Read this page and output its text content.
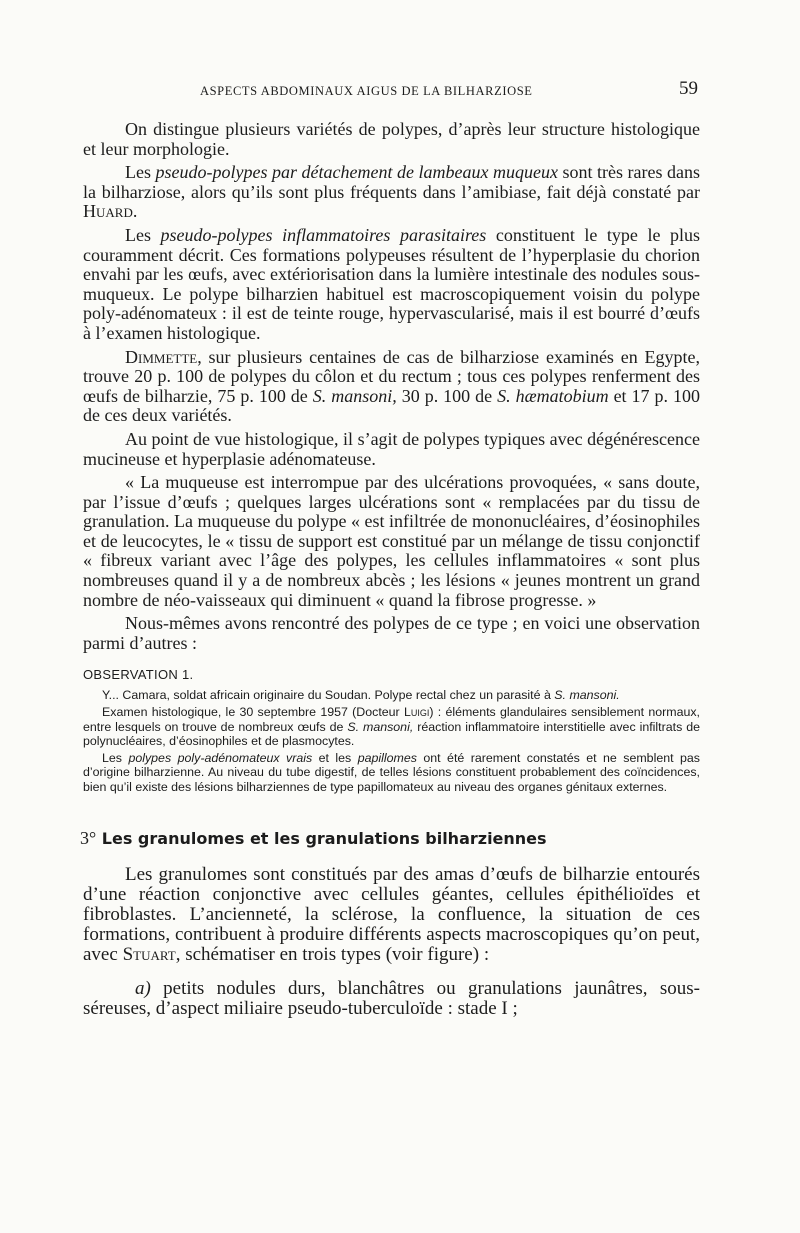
ASPECTS ABDOMINAUX AIGUS DE LA BILHARZIOSE	59

On distingue plusieurs variétés de polypes, d’après leur structure histologique et leur morphologie.

Les pseudo-polypes par détachement de lambeaux muqueux sont très rares dans la bilharziose, alors qu’ils sont plus fréquents dans l’amibiase, fait déjà constaté par Huard.

Les pseudo-polypes inflammatoires parasitaires constituent le type le plus couramment décrit. Ces formations polypeuses résultent de l’hyperplasie du chorion envahi par les œufs, avec extériorisation dans la lumière intestinale des nodules sous-muqueux. Le polype bilharzien habituel est macroscopiquement voisin du polype poly-adénomateux : il est de teinte rouge, hypervascularisé, mais il est bourré d’œufs à l’examen histologique.

Dimmette, sur plusieurs centaines de cas de bilharziose examinés en Egypte, trouve 20 p. 100 de polypes du côlon et du rectum ; tous ces polypes renferment des œufs de bilharzie, 75 p. 100 de S. mansoni, 30 p. 100 de S. hæmatobium et 17 p. 100 de ces deux variétés.

Au point de vue histologique, il s’agit de polypes typiques avec dégénérescence mucineuse et hyperplasie adénomateuse.

« La muqueuse est interrompue par des ulcérations provoquées, « sans doute, par l’issue d’œufs ; quelques larges ulcérations sont « remplacées par du tissu de granulation. La muqueuse du polype « est infiltrée de mononucléaires, d’éosinophiles et de leucocytes, le « tissu de support est constitué par un mélange de tissu conjonctif « fibreux variant avec l’âge des polypes, les cellules inflammatoires « sont plus nombreuses quand il y a de nombreux abcès ; les lésions « jeunes montrent un grand nombre de néo-vaisseaux qui diminuent « quand la fibrose progresse. »

Nous-mêmes avons rencontré des polypes de ce type ; en voici une observation parmi d’autres :

OBSERVATION 1.

Y... Camara, soldat africain originaire du Soudan. Polype rectal chez un parasité à S. mansoni.

Examen histologique, le 30 septembre 1957 (Docteur Luigi) : éléments glandulaires sensiblement normaux, entre lesquels on trouve de nombreux œufs de S. mansoni, réaction inflammatoire interstitielle avec infiltrats de polynucléaires, d’éosinophiles et de plasmocytes.

Les polypes poly-adénomateux vrais et les papillomes ont été rarement constatés et ne semblent pas d’origine bilharzienne. Au niveau du tube digestif, de telles lésions constituent probablement des coïncidences, bien qu’il existe des lésions bilharziennes de type papillomateux au niveau des organes génitaux externes.

3° Les granulomes et les granulations bilharziennes

Les granulomes sont constitués par des amas d’œufs de bilharzie entourés d’une réaction conjonctive avec cellules géantes, cellules épithélioïdes et fibroblastes. L’ancienneté, la sclérose, la confluence, la situation de ces formations, contribuent à produire différents aspects macroscopiques qu’on peut, avec Stuart, schématiser en trois types (voir figure) :

a) petits nodules durs, blanchâtres ou granulations jaunâtres, sous-séreuses, d’aspect miliaire pseudo-tuberculoïde : stade I ;
